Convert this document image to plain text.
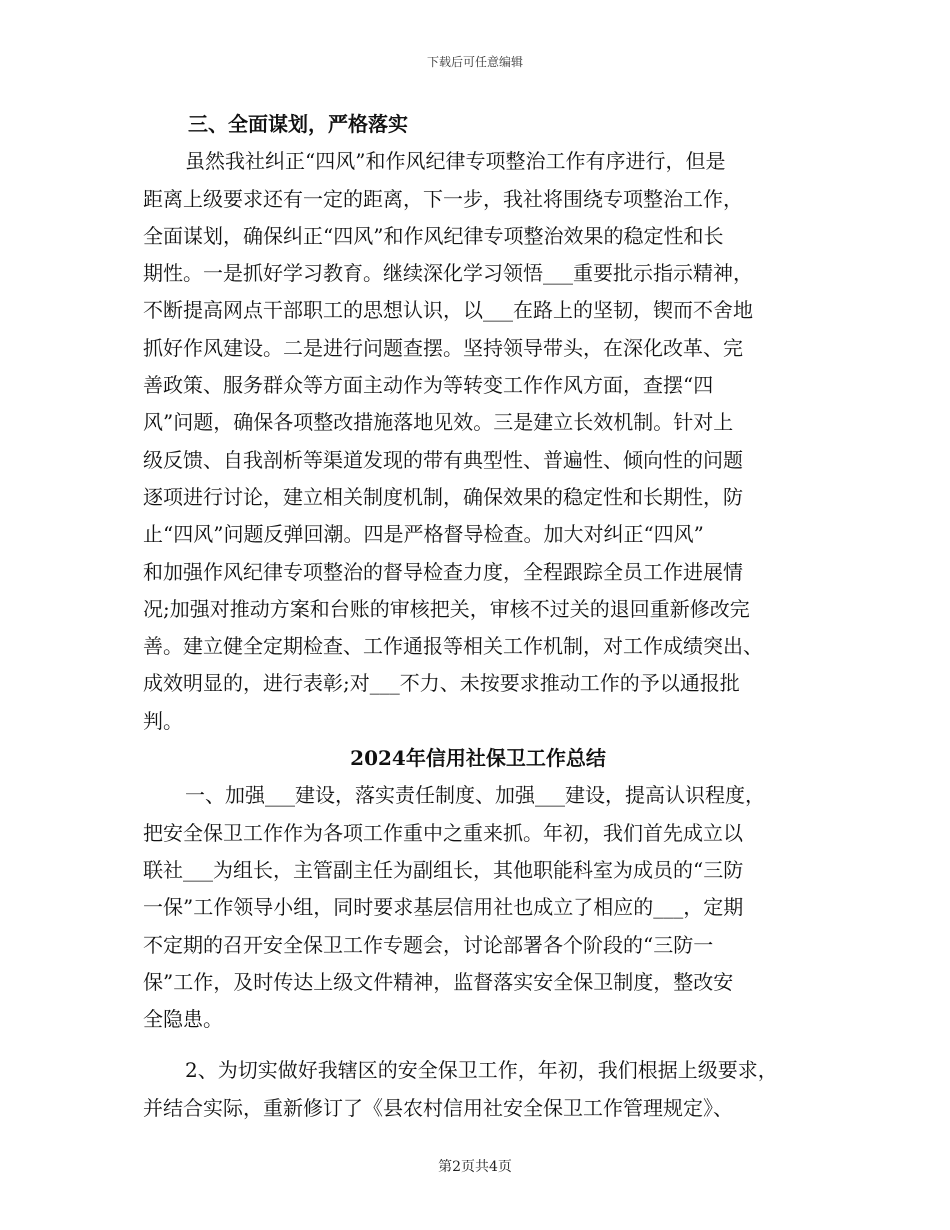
下载后可任意编辑
三、全面谋划，严格落实
虽然我社纠正“四风”和作风纪律专项整治工作有序进行，但是
距离上级要求还有一定的距离，下一步，我社将围绕专项整治工作，
全面谋划，确保纠正“四风”和作风纪律专项整治效果的稳定性和长
期性。一是抓好学习教育。继续深化学习领悟___重要批示指示精神，
不断提高网点干部职工的思想认识，以___在路上的坚韧，锲而不舍地
抓好作风建设。二是进行问题查摆。坚持领导带头，在深化改革、完
善政策、服务群众等方面主动作为等转变工作作风方面，查摆“四
风”问题，确保各项整改措施落地见效。三是建立长效机制。针对上
级反馈、自我剖析等渠道发现的带有典型性、普遍性、倾向性的问题
逐项进行讨论，建立相关制度机制，确保效果的稳定性和长期性，防
止“四风”问题反弹回潮。四是严格督导检查。加大对纠正“四风”
和加强作风纪律专项整治的督导检查力度，全程跟踪全员工作进展情
况;加强对推动方案和台账的审核把关，审核不过关的退回重新修改完
善。建立健全定期检查、工作通报等相关工作机制，对工作成绩突出、
成效明显的，进行表彰;对___不力、未按要求推动工作的予以通报批
判。
2024年信用社保卫工作总结
一、加强___建设，落实责任制度、加强___建设，提高认识程度，
把安全保卫工作作为各项工作重中之重来抓。年初，我们首先成立以
联社___为组长，主管副主任为副组长，其他职能科室为成员的“三防
一保”工作领导小组，同时要求基层信用社也成立了相应的___，定期
不定期的召开安全保卫工作专题会，讨论部署各个阶段的“三防一
保”工作，及时传达上级文件精神，监督落实安全保卫制度，整改安
全隐患。
2、为切实做好我辖区的安全保卫工作，年初，我们根据上级要求，
并结合实际，重新修订了《县农村信用社安全保卫工作管理规定》、
第2页共4页
